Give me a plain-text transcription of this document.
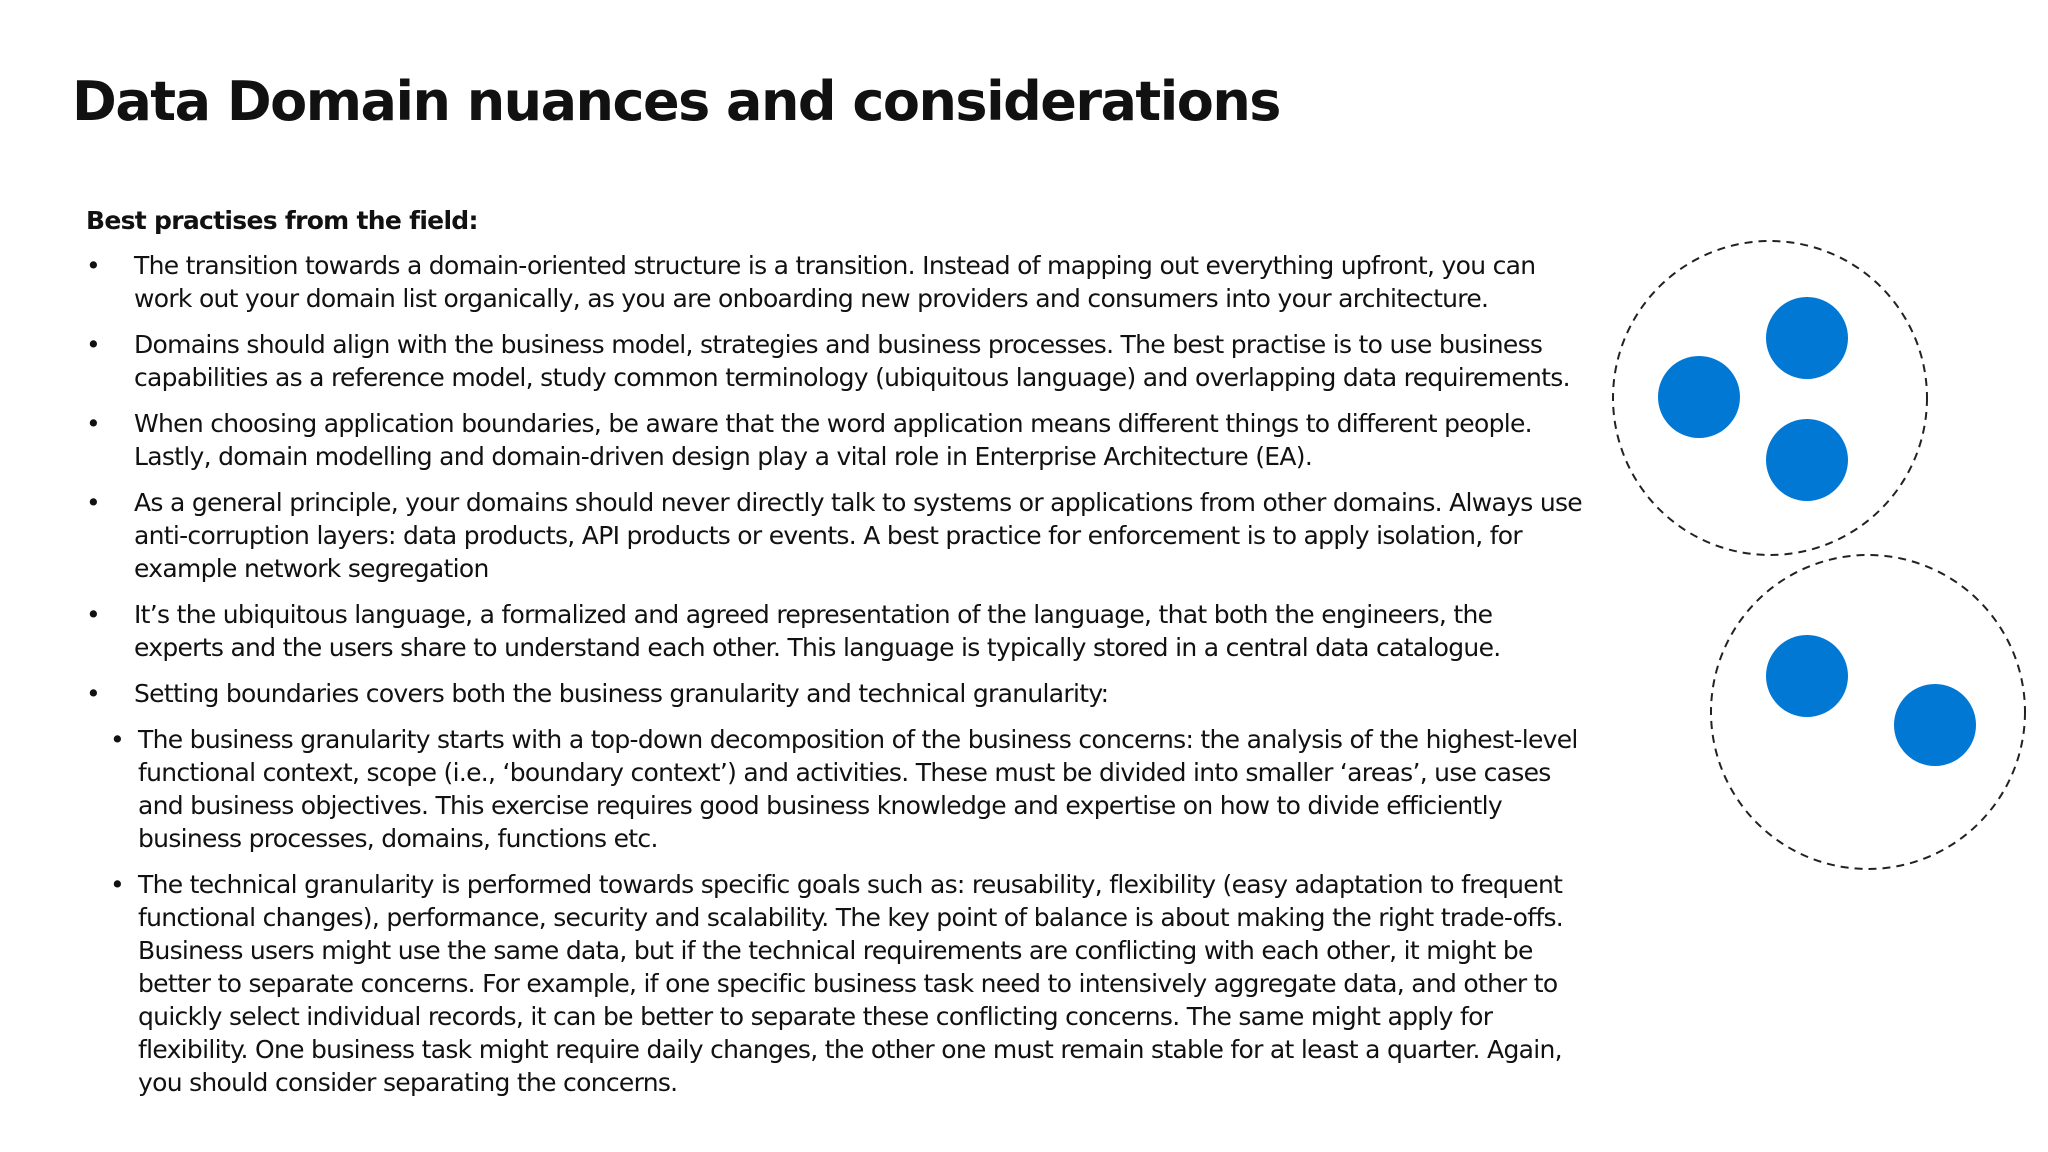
Data Domain nuances and considerations

Best practises from the field:

• The transition towards a domain-oriented structure is a transition. Instead of mapping out everything upfront, you can work out your domain list organically, as you are onboarding new providers and consumers into your architecture.
• Domains should align with the business model, strategies and business processes. The best practise is to use business capabilities as a reference model, study common terminology (ubiquitous language) and overlapping data requirements.
• When choosing application boundaries, be aware that the word application means different things to different people. Lastly, domain modelling and domain-driven design play a vital role in Enterprise Architecture (EA).
• As a general principle, your domains should never directly talk to systems or applications from other domains. Always use anti-corruption layers: data products, API products or events. A best practice for enforcement is to apply isolation, for example network segregation
• It’s the ubiquitous language, a formalized and agreed representation of the language, that both the engineers, the experts and the users share to understand each other. This language is typically stored in a central data catalogue.
• Setting boundaries covers both the business granularity and technical granularity:
• The business granularity starts with a top-down decomposition of the business concerns: the analysis of the highest-level functional context, scope (i.e., ‘boundary context’) and activities. These must be divided into smaller ‘areas’, use cases and business objectives. This exercise requires good business knowledge and expertise on how to divide efficiently business processes, domains, functions etc.
• The technical granularity is performed towards specific goals such as: reusability, flexibility (easy adaptation to frequent functional changes), performance, security and scalability. The key point of balance is about making the right trade-offs. Business users might use the same data, but if the technical requirements are conflicting with each other, it might be better to separate concerns. For example, if one specific business task need to intensively aggregate data, and other to quickly select individual records, it can be better to separate these conflicting concerns. The same might apply for flexibility. One business task might require daily changes, the other one must remain stable for at least a quarter. Again, you should consider separating the concerns.
